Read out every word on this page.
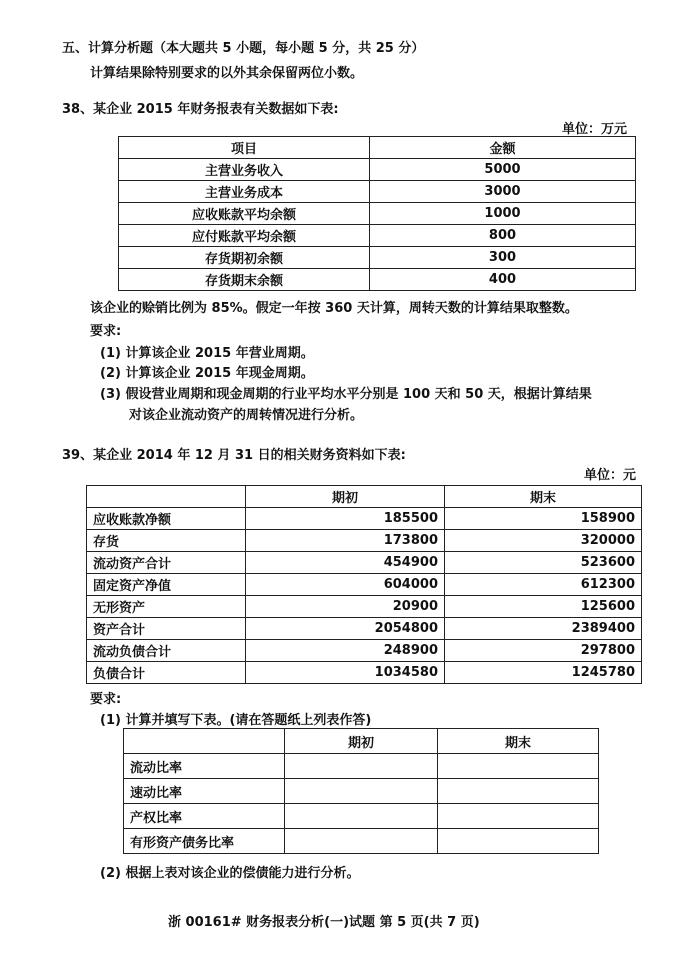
五、计算分析题（本大题共 5 小题，每小题 5 分，共 25 分）
计算结果除特别要求的以外其余保留两位小数。
38、某企业 2015 年财务报表有关数据如下表:
单位：万元
项目	金额
主营业务收入	5000
主营业务成本	3000
应收账款平均余额	1000
应付账款平均余额	800
存货期初余额	300
存货期末余额	400
该企业的赊销比例为 85%。假定一年按 360 天计算，周转天数的计算结果取整数。
要求:
(1) 计算该企业 2015 年营业周期。
(2) 计算该企业 2015 年现金周期。
(3) 假设营业周期和现金周期的行业平均水平分别是 100 天和 50 天，根据计算结果
对该企业流动资产的周转情况进行分析。
39、某企业 2014 年 12 月 31 日的相关财务资料如下表:
单位：元
	期初	期末
应收账款净额	185500	158900
存货	173800	320000
流动资产合计	454900	523600
固定资产净值	604000	612300
无形资产	20900	125600
资产合计	2054800	2389400
流动负债合计	248900	297800
负债合计	1034580	1245780
要求:
(1) 计算并填写下表。(请在答题纸上列表作答)
	期初	期末
流动比率		
速动比率		
产权比率		
有形资产债务比率		
(2) 根据上表对该企业的偿债能力进行分析。
浙 00161# 财务报表分析(一)试题 第 5 页(共 7 页)
